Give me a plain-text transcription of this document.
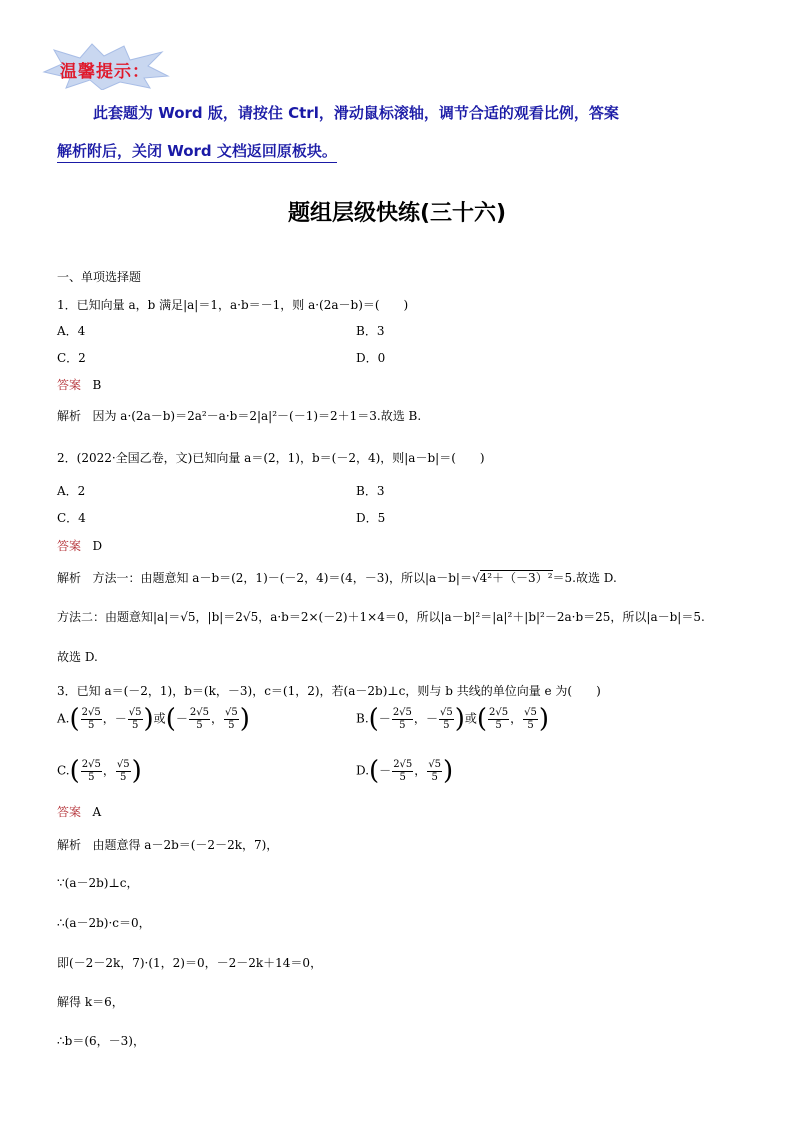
温馨提示：
此套题为 Word 版，请按住 Ctrl，滑动鼠标滚轴，调节合适的观看比例，答案
解析附后，关闭 Word 文档返回原板块。
题组层级快练(三十六)
一、单项选择题
1．已知向量 a，b 满足|a|＝1，a·b＝－1，则 a·(2a－b)＝(　　)
A．4	B．3
C．2	D．0
答案 B
解析 因为 a·(2a－b)＝2a²－a·b＝2|a|²－(－1)＝2＋1＝3.故选 B.
2．(2022·全国乙卷，文)已知向量 a＝(2，1)，b＝(－2，4)，则|a－b|＝(　　)
A．2	B．3
C．4	D．5
答案 D
解析 方法一：由题意知 a－b＝(2，1)－(－2，4)＝(4，－3)，所以|a－b|＝√4²＋（－3）²＝5.故选 D.
方法二：由题意知|a|＝√5，|b|＝2√5，a·b＝2×(－2)＋1×4＝0，所以|a－b|²＝|a|²＋|b|²－2a·b＝25，所以|a－b|＝5.
故选 D.
3．已知 a＝(－2，1)，b＝(k，－3)，c＝(1，2)，若(a－2b)⊥c，则与 b 共线的单位向量 e 为(　　)
$A.( \frac{2√5}{5}$ ，－ $\frac{√5}{5}$ )或(－ $\frac{2√5}{5}$ ， $\frac{√5}{5}$ )	$B.(- \frac{2√5}{5}$ ，－ $\frac{√5}{5}$ )或( $\frac{2√5}{5}$ ， $\frac{√5}{5}$ )
$C.( \frac{2√5}{5}$ ， $\frac{√5}{5}$ )	$D.(- \frac{2√5}{5}$ ， $\frac{√5}{5}$ )
答案 A
解析 由题意得 a－2b＝(－2－2k，7)，
∵(a－2b)⊥c，
∴(a－2b)·c＝0，
即(－2－2k，7)·(1，2)＝0，－2－2k＋14＝0，
解得 k＝6，
∴b＝(6，－3)，
